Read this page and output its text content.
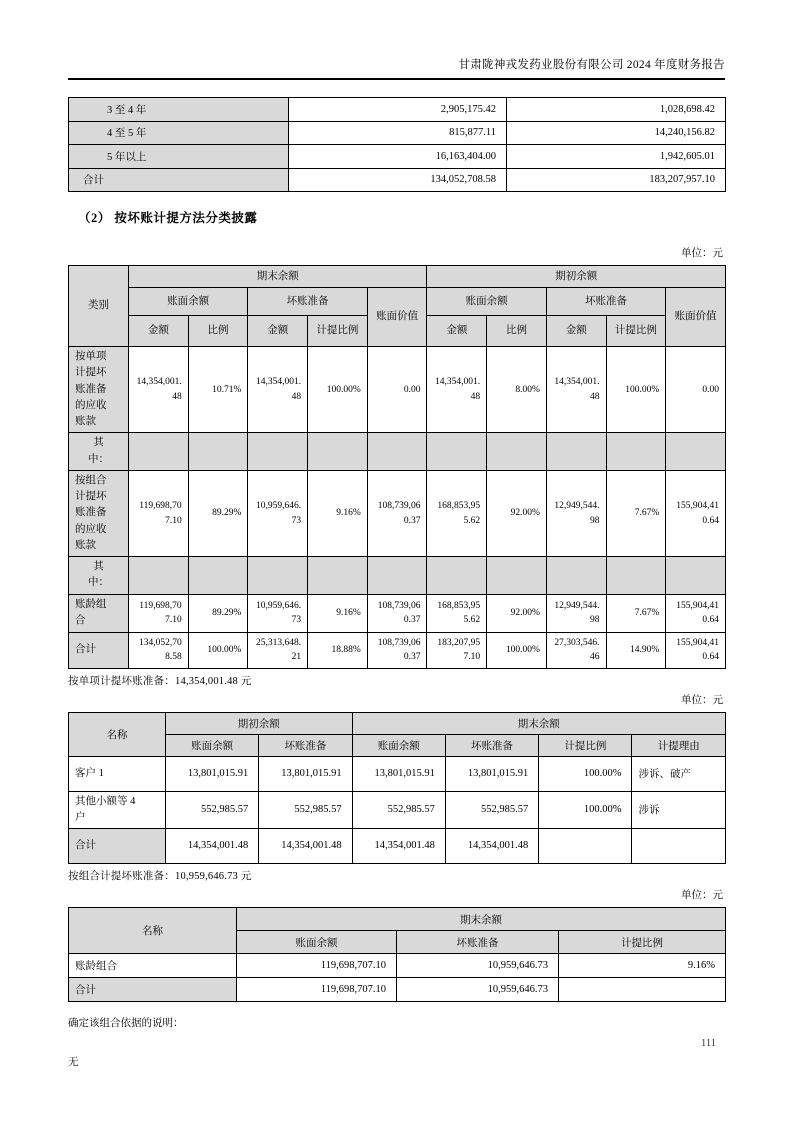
甘肃陇神戎发药业股份有限公司 2024 年度财务报告
3 至 4 年	2,905,175.42	1,028,698.42
4 至 5 年	815,877.11	14,240,156.82
5 年以上	16,163,404.00	1,942,605.01
合计	134,052,708.58	183,207,957.10
（2） 按坏账计提方法分类披露
单位：元
类别	期末余额					期初余额				
	账面余额		坏账准备		账面价值	账面余额		坏账准备		账面价值
	金额	比例	金额	计提比例		金额	比例	金额	计提比例	
按单项计提坏账准备的应收账款	14,354,001.48	10.71%	14,354,001.48	100.00%	0.00	14,354,001.48	8.00%	14,354,001.48	100.00%	0.00
其中：										
按组合计提坏账准备的应收账款	119,698,707.10	89.29%	10,959,646.73	9.16%	108,739,060.37	168,853,955.62	92.00%	12,949,544.98	7.67%	155,904,410.64
其中：										
账龄组合	119,698,707.10	89.29%	10,959,646.73	9.16%	108,739,060.37	168,853,955.62	92.00%	12,949,544.98	7.67%	155,904,410.64
合计	134,052,708.58	100.00%	25,313,648.21	18.88%	108,739,060.37	183,207,957.10	100.00%	27,303,546.46	14.90%	155,904,410.64
按单项计提坏账准备：14,354,001.48 元
单位：元
名称	期初余额		期末余额			
	账面余额	坏账准备	账面余额	坏账准备	计提比例	计提理由
客户 1	13,801,015.91	13,801,015.91	13,801,015.91	13,801,015.91	100.00%	涉诉、破产
其他小额等 4 户	552,985.57	552,985.57	552,985.57	552,985.57	100.00%	涉诉
合计	14,354,001.48	14,354,001.48	14,354,001.48	14,354,001.48		
按组合计提坏账准备：10,959,646.73 元
单位：元
名称	期末余额		
	账面余额	坏账准备	计提比例
账龄组合	119,698,707.10	10,959,646.73	9.16%
合计	119,698,707.10	10,959,646.73	
确定该组合依据的说明：
无
111
